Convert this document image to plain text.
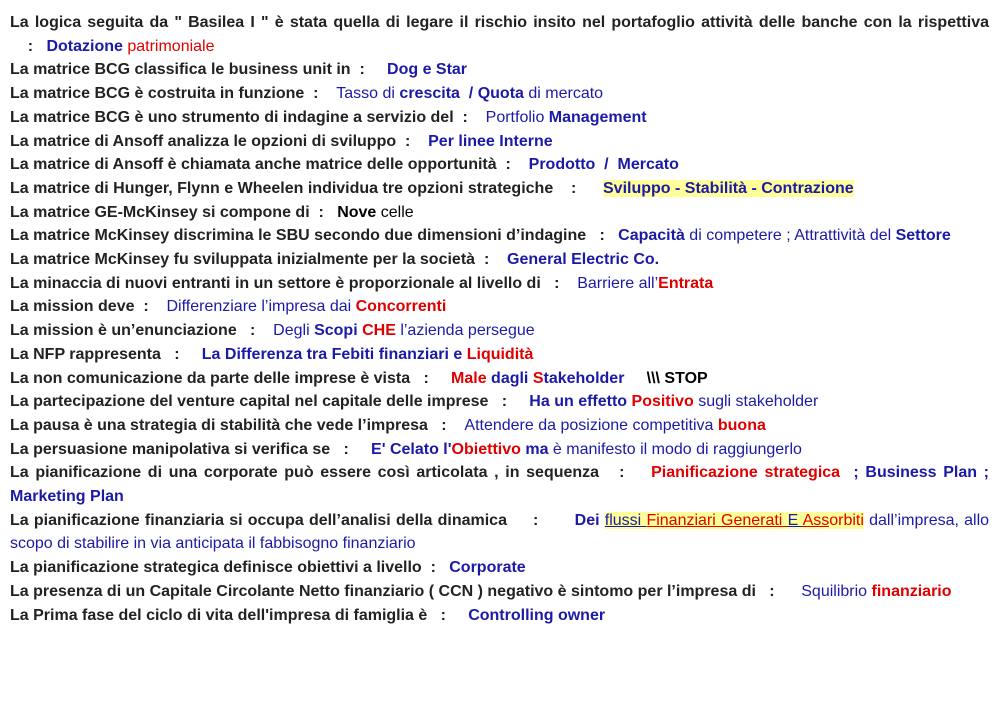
La logica seguita da " Basilea I " è stata quella di legare il rischio insito nel portafoglio attività delle banche con la rispettiva    :   Dotazione patrimoniale

La matrice BCG classifica le business unit in  :     Dog e Star

La matrice BCG è costruita in funzione  :    Tasso di crescita  / Quota di mercato

La matrice BCG è uno strumento di indagine a servizio del  :    Portfolio Management

La matrice di Ansoff analizza le opzioni di sviluppo  :    Per linee Interne

La matrice di Ansoff è chiamata anche matrice delle opportunità  :    Prodotto  /  Mercato

La matrice di Hunger, Flynn e Wheelen individua tre opzioni strategiche    :      Sviluppo - Stabilità - Contrazione

La matrice GE-McKinsey si compone di  :   Nove celle

La matrice McKinsey discrimina le SBU secondo due dimensioni d’indagine   :   Capacità di competere ; Attrattività del Settore

La matrice McKinsey fu sviluppata inizialmente per la società  :    General Electric Co.

La minaccia di nuovi entranti in un settore è proporzionale al livello di   :    Barriere all’Entrata

La mission deve  :    Differenziare l’impresa dai Concorrenti

La mission è un’enunciazione   :    Degli Scopi CHE l’azienda persegue

La NFP rappresenta   :     La Differenza tra Febiti finanziari e Liquidità

La non comunicazione da parte delle imprese è vista   :     Male dagli Stakeholder     \\\ STOP

La partecipazione del venture capital nel capitale delle imprese   :     Ha un effetto Positivo sugli stakeholder

La pausa è una strategia di stabilità che vede l’impresa   :    Attendere da posizione competitiva buona

La persuasione manipolativa si verifica se   :     E' Celato l'Obiettivo ma è manifesto il modo di raggiungerlo

La pianificazione di una corporate può essere così articolata , in sequenza   :    Pianificazione strategica  ; Business Plan ; Marketing Plan

La pianificazione finanziaria si occupa dell’analisi della dinamica     :       Dei flussi Finanziari Generati E Assorbiti dall’impresa, allo scopo di stabilire in via anticipata il fabbisogno finanziario

La pianificazione strategica definisce obiettivi a livello  :   Corporate

La presenza di un Capitale Circolante Netto finanziario ( CCN ) negativo è sintomo per l’impresa di   :      Squilibrio finanziario

La Prima fase del ciclo di vita dell'impresa di famiglia è   :     Controlling owner
